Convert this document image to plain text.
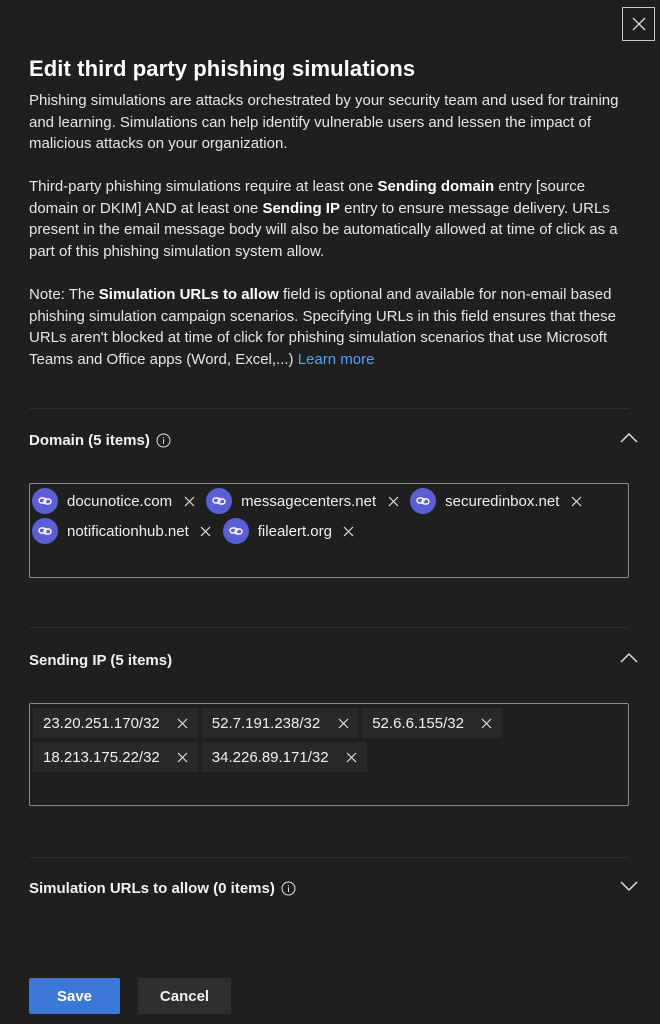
Edit third party phishing simulations

Phishing simulations are attacks orchestrated by your security team and used for training and learning. Simulations can help identify vulnerable users and lessen the impact of malicious attacks on your organization.

Third-party phishing simulations require at least one Sending domain entry [source domain or DKIM] AND at least one Sending IP entry to ensure message delivery. URLs present in the email message body will also be automatically allowed at time of click as a part of this phishing simulation system allow.

Note: The Simulation URLs to allow field is optional and available for non-email based phishing simulation campaign scenarios. Specifying URLs in this field ensures that these URLs aren't blocked at time of click for phishing simulation scenarios that use Microsoft Teams and Office apps (Word, Excel,...) Learn more

Domain (5 items)
docunotice.com	messagecenters.net	securedinbox.net
notificationhub.net	filealert.org
Sending IP (5 items)
23.20.251.170/32	52.7.191.238/32	52.6.6.155/32
18.213.175.22/32	34.226.89.171/32
Simulation URLs to allow (0 items)
Save	Cancel
